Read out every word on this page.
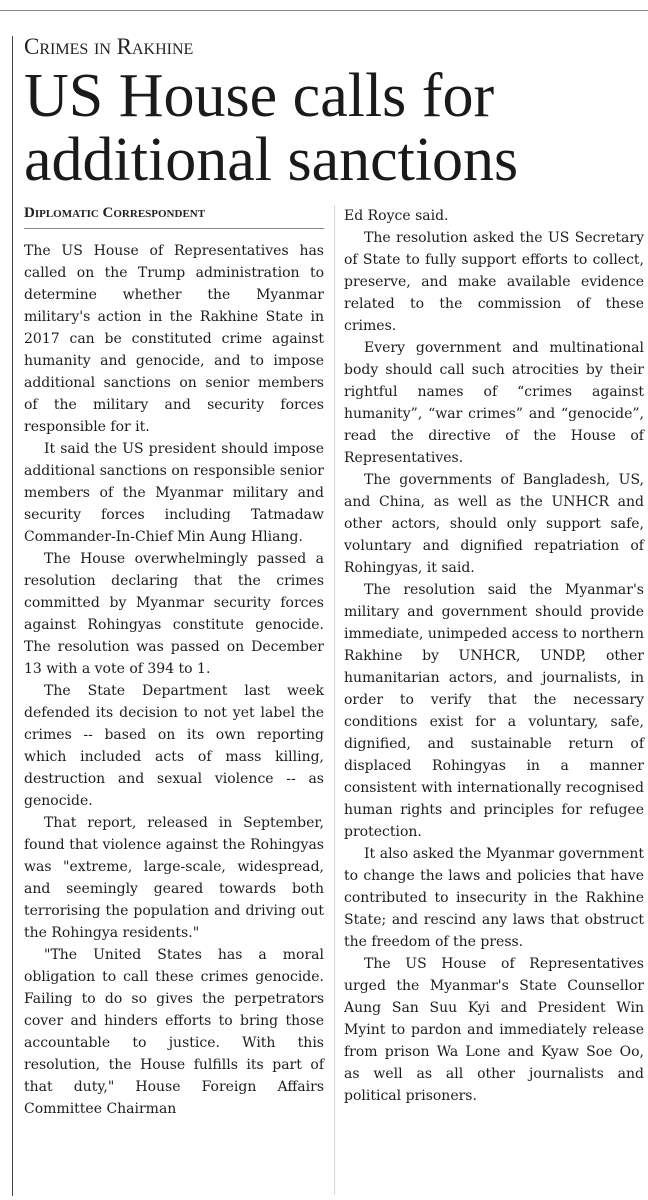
Crimes in Rakhine
US House calls for additional sanctions
Diplomatic Correspondent

The US House of Representatives has called on the Trump administration to determine whether the Myanmar military's action in the Rakhine State in 2017 can be constituted crime against humanity and genocide, and to impose additional sanctions on senior members of the military and security forces responsible for it.

It said the US president should impose additional sanctions on responsible senior members of the Myanmar military and security forces including Tatmadaw Commander-In-Chief Min Aung Hliang.

The House overwhelmingly passed a resolution declaring that the crimes committed by Myanmar security forces against Rohingyas constitute genocide. The resolution was passed on December 13 with a vote of 394 to 1.

The State Department last week defended its decision to not yet label the crimes -- based on its own reporting which included acts of mass killing, destruction and sexual violence -- as genocide.

That report, released in September, found that violence against the Rohingyas was "extreme, large-scale, widespread, and seemingly geared towards both terrorising the population and driving out the Rohingya residents."

"The United States has a moral obligation to call these crimes genocide. Failing to do so gives the perpetrators cover and hinders efforts to bring those accountable to justice. With this resolution, the House fulfills its part of that duty," House Foreign Affairs Committee Chairman

Ed Royce said.

The resolution asked the US Secretary of State to fully support efforts to collect, preserve, and make available evidence related to the commission of these crimes.

Every government and multinational body should call such atrocities by their rightful names of “crimes against humanity”, “war crimes” and “genocide”, read the directive of the House of Representatives.

The governments of Bangladesh, US, and China, as well as the UNHCR and other actors, should only support safe, voluntary and dignified repatriation of Rohingyas, it said.

The resolution said the Myanmar's military and government should provide immediate, unimpeded access to northern Rakhine by UNHCR, UNDP, other humanitarian actors, and journalists, in order to verify that the necessary conditions exist for a voluntary, safe, dignified, and sustainable return of displaced Rohingyas in a manner consistent with internationally recognised human rights and principles for refugee protection.

It also asked the Myanmar government to change the laws and policies that have contributed to insecurity in the Rakhine State; and rescind any laws that obstruct the freedom of the press.

The US House of Representatives urged the Myanmar's State Counsellor Aung San Suu Kyi and President Win Myint to pardon and immediately release from prison Wa Lone and Kyaw Soe Oo, as well as all other journalists and political prisoners.
